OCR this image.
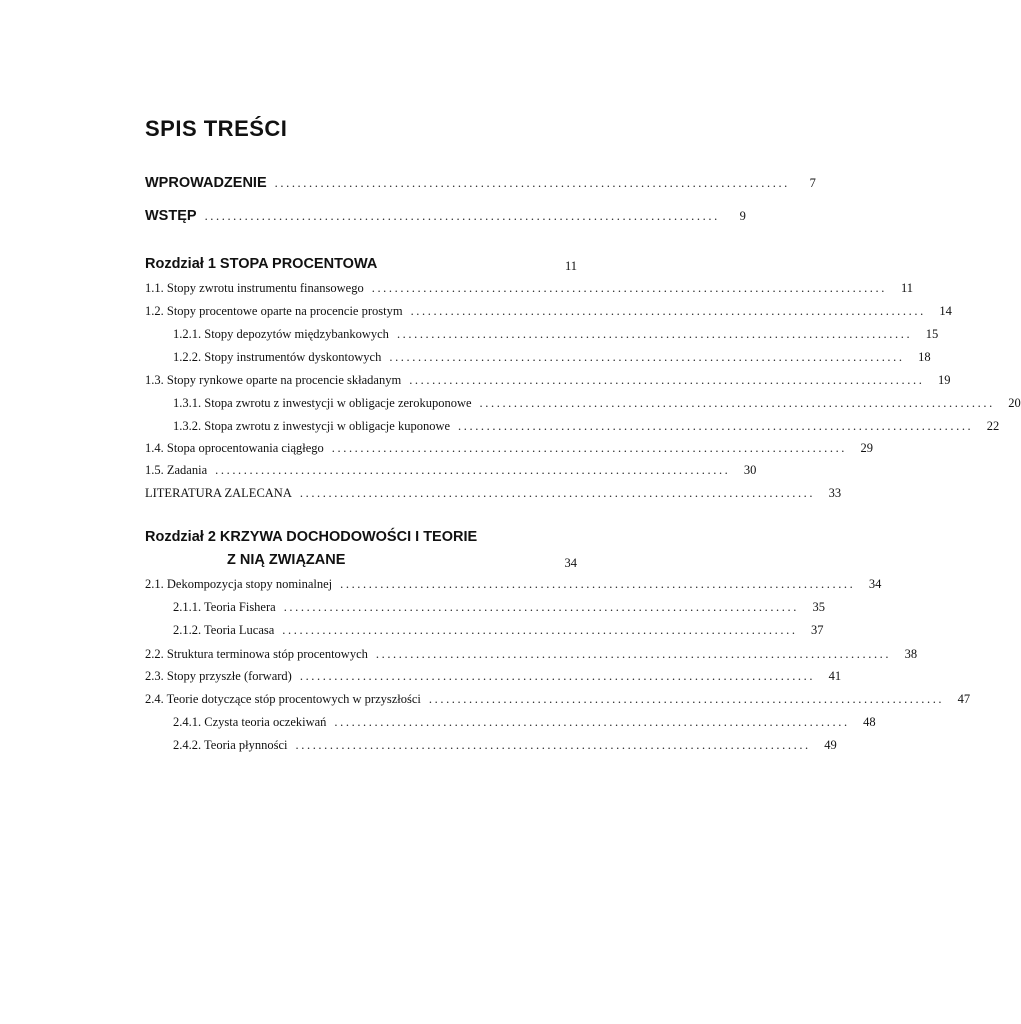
SPIS TREŚCI
WPROWADZENIE ..........................................................................................	7
WSTĘP ..........................................................................................	9
Rozdział 1 STOPA PROCENTOWA	11
1.1. Stopy zwrotu instrumentu finansowego ..........................................................................................	11
1.2. Stopy procentowe oparte na procencie prostym ..........................................................................................	14
1.2.1. Stopy depozytów międzybankowych ..........................................................................................	15
1.2.2. Stopy instrumentów dyskontowych ..........................................................................................	18
1.3. Stopy rynkowe oparte na procencie składanym ..........................................................................................	19
1.3.1. Stopa zwrotu z inwestycji w obligacje zerokuponowe ..........................................................................................	20
1.3.2. Stopa zwrotu z inwestycji w obligacje kuponowe ..........................................................................................	22
1.4. Stopa oprocentowania ciągłego ..........................................................................................	29
1.5. Zadania ..........................................................................................	30
LITERATURA ZALECANA ..........................................................................................	33
Rozdział 2 KRZYWA DOCHODOWOŚCI I TEORIE
Z NIĄ ZWIĄZANE	34
2.1. Dekompozycja stopy nominalnej ..........................................................................................	34
2.1.1. Teoria Fishera ..........................................................................................	35
2.1.2. Teoria Lucasa ..........................................................................................	37
2.2. Struktura terminowa stóp procentowych ..........................................................................................	38
2.3. Stopy przyszłe (forward) ..........................................................................................	41
2.4. Teorie dotyczące stóp procentowych w przyszłości ..........................................................................................	47
2.4.1. Czysta teoria oczekiwań ..........................................................................................	48
2.4.2. Teoria płynności ..........................................................................................	49
